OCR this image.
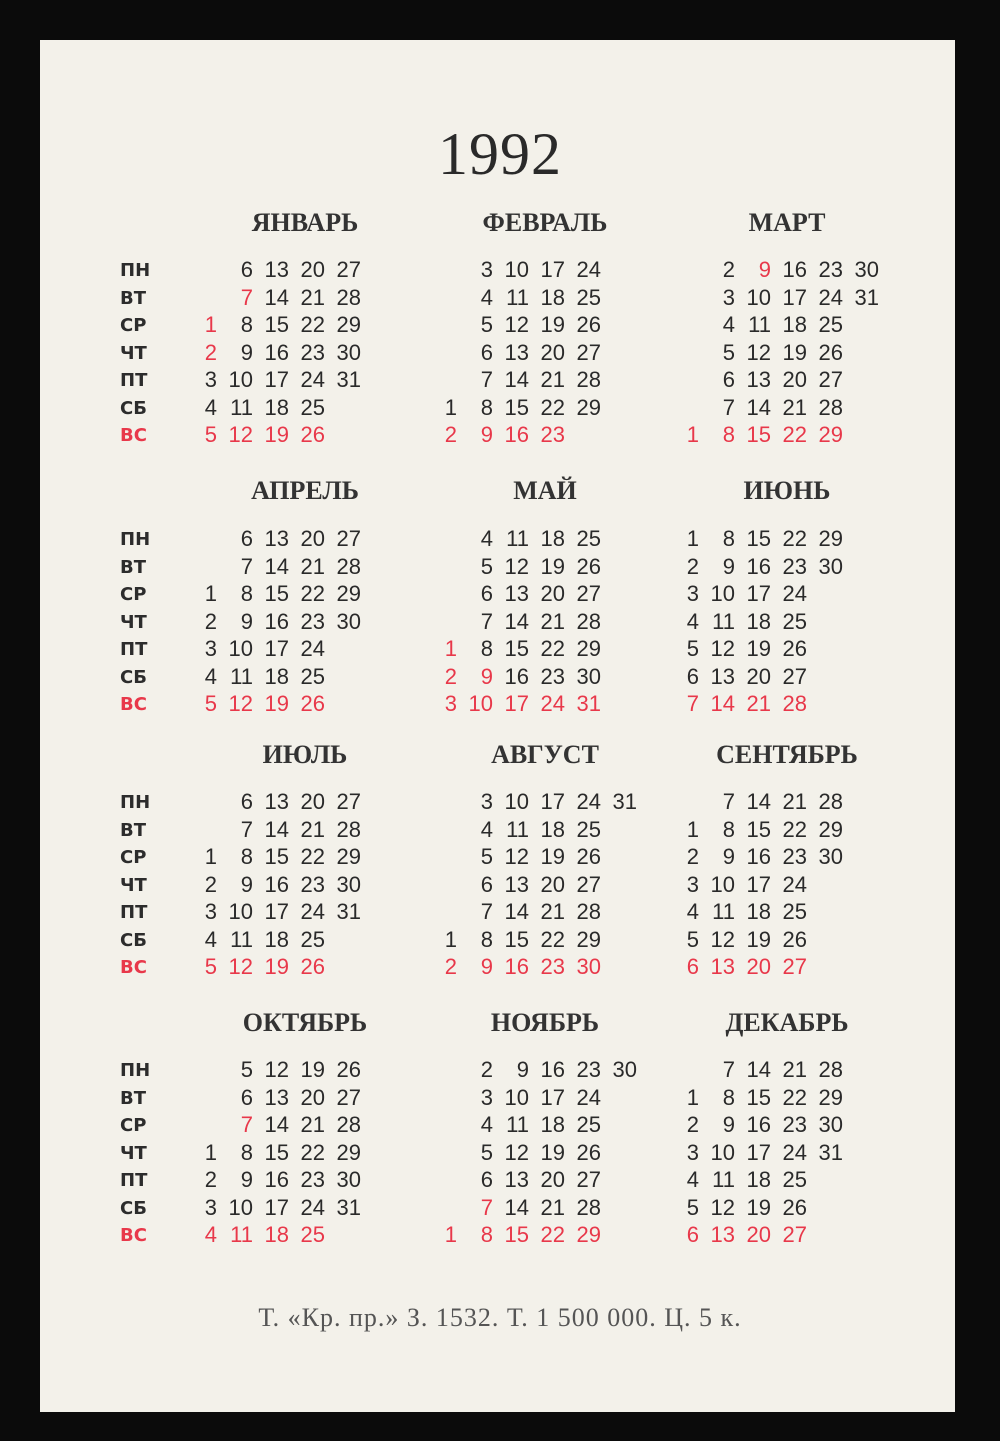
1992
ПН
ВТ
СР
ЧТ
ПТ
СБ
ВС
ПН
ВТ
СР
ЧТ
ПТ
СБ
ВС
ПН
ВТ
СР
ЧТ
ПТ
СБ
ВС
ПН
ВТ
СР
ЧТ
ПТ
СБ
ВС
ЯНВАРЬ
1
2
3
4
5
6
7
8
9
10
11
12
13
14
15
16
17
18
19
20
21
22
23
24
25
26
27
28
29
30
31
ФЕВРАЛЬ
1
2
3
4
5
6
7
8
9
10
11
12
13
14
15
16
17
18
19
20
21
22
23
24
25
26
27
28
29
МАРТ
1
2
3
4
5
6
7
8
9
10
11
12
13
14
15
16
17
18
19
20
21
22
23
24
25
26
27
28
29
30
31
АПРЕЛЬ
1
2
3
4
5
6
7
8
9
10
11
12
13
14
15
16
17
18
19
20
21
22
23
24
25
26
27
28
29
30
МАЙ
1
2
3
4
5
6
7
8
9
10
11
12
13
14
15
16
17
18
19
20
21
22
23
24
25
26
27
28
29
30
31
ИЮНЬ
1
2
3
4
5
6
7
8
9
10
11
12
13
14
15
16
17
18
19
20
21
22
23
24
25
26
27
28
29
30
ИЮЛЬ
1
2
3
4
5
6
7
8
9
10
11
12
13
14
15
16
17
18
19
20
21
22
23
24
25
26
27
28
29
30
31
АВГУСТ
1
2
3
4
5
6
7
8
9
10
11
12
13
14
15
16
17
18
19
20
21
22
23
24
25
26
27
28
29
30
31
СЕНТЯБРЬ
1
2
3
4
5
6
7
8
9
10
11
12
13
14
15
16
17
18
19
20
21
22
23
24
25
26
27
28
29
30
ОКТЯБРЬ
1
2
3
4
5
6
7
8
9
10
11
12
13
14
15
16
17
18
19
20
21
22
23
24
25
26
27
28
29
30
31
НОЯБРЬ
1
2
3
4
5
6
7
8
9
10
11
12
13
14
15
16
17
18
19
20
21
22
23
24
25
26
27
28
29
30
ДЕКАБРЬ
1
2
3
4
5
6
7
8
9
10
11
12
13
14
15
16
17
18
19
20
21
22
23
24
25
26
27
28
29
30
31
Т. «Кр. пр.» З. 1532. Т. 1 500 000. Ц. 5 к.
